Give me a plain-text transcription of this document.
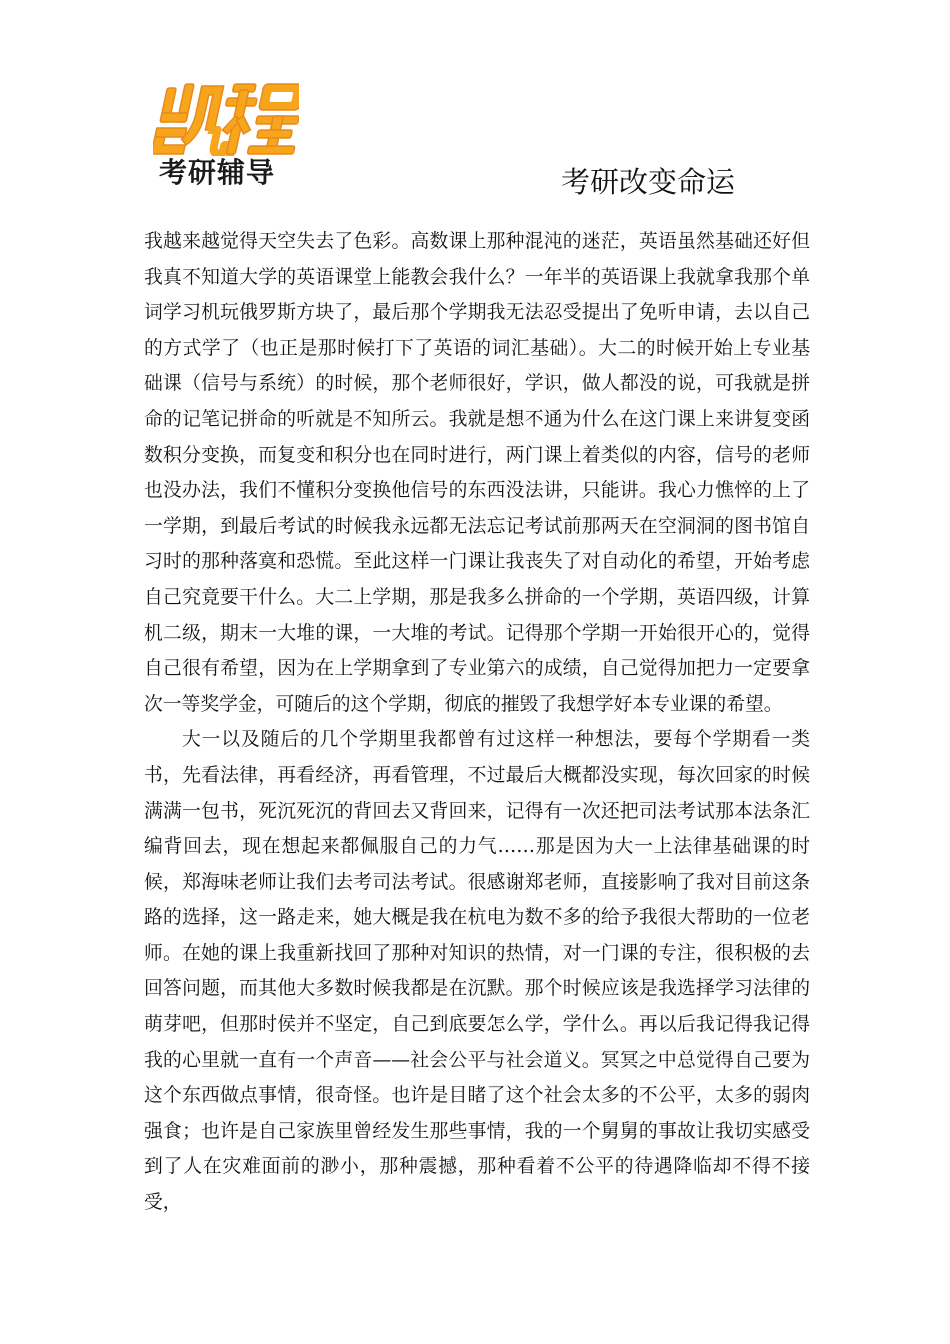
考研辅导	考研改变命运

我越来越觉得天空失去了色彩。高数课上那种混沌的迷茫，英语虽然基础还好但我真不知道大学的英语课堂上能教会我什么？一年半的英语课上我就拿我那个单词学习机玩俄罗斯方块了，最后那个学期我无法忍受提出了免听申请，去以自己的方式学了（也正是那时候打下了英语的词汇基础）。大二的时候开始上专业基础课（信号与系统）的时候，那个老师很好，学识，做人都没的说，可我就是拼命的记笔记拼命的听就是不知所云。我就是想不通为什么在这门课上来讲复变函数积分变换，而复变和积分也在同时进行，两门课上着类似的内容，信号的老师也没办法，我们不懂积分变换他信号的东西没法讲，只能讲。我心力憔悴的上了一学期，到最后考试的时候我永远都无法忘记考试前那两天在空洞洞的图书馆自习时的那种落寞和恐慌。至此这样一门课让我丧失了对自动化的希望，开始考虑自己究竟要干什么。大二上学期，那是我多么拼命的一个学期，英语四级，计算机二级，期末一大堆的课，一大堆的考试。记得那个学期一开始很开心的，觉得自己很有希望，因为在上学期拿到了专业第六的成绩，自己觉得加把力一定要拿次一等奖学金，可随后的这个学期，彻底的摧毁了我想学好本专业课的希望。

大一以及随后的几个学期里我都曾有过这样一种想法，要每个学期看一类书，先看法律，再看经济，再看管理，不过最后大概都没实现，每次回家的时候满满一包书，死沉死沉的背回去又背回来，记得有一次还把司法考试那本法条汇编背回去，现在想起来都佩服自己的力气……那是因为大一上法律基础课的时候，郑海味老师让我们去考司法考试。很感谢郑老师，直接影响了我对目前这条路的选择，这一路走来，她大概是我在杭电为数不多的给予我很大帮助的一位老师。在她的课上我重新找回了那种对知识的热情，对一门课的专注，很积极的去回答问题，而其他大多数时候我都是在沉默。那个时候应该是我选择学习法律的萌芽吧，但那时侯并不坚定，自己到底要怎么学，学什么。再以后我记得我记得我的心里就一直有一个声音——社会公平与社会道义。冥冥之中总觉得自己要为这个东西做点事情，很奇怪。也许是目睹了这个社会太多的不公平，太多的弱肉强食；也许是自己家族里曾经发生那些事情，我的一个舅舅的事故让我切实感受到了人在灾难面前的渺小，那种震撼，那种看着不公平的待遇降临却不得不接受，
